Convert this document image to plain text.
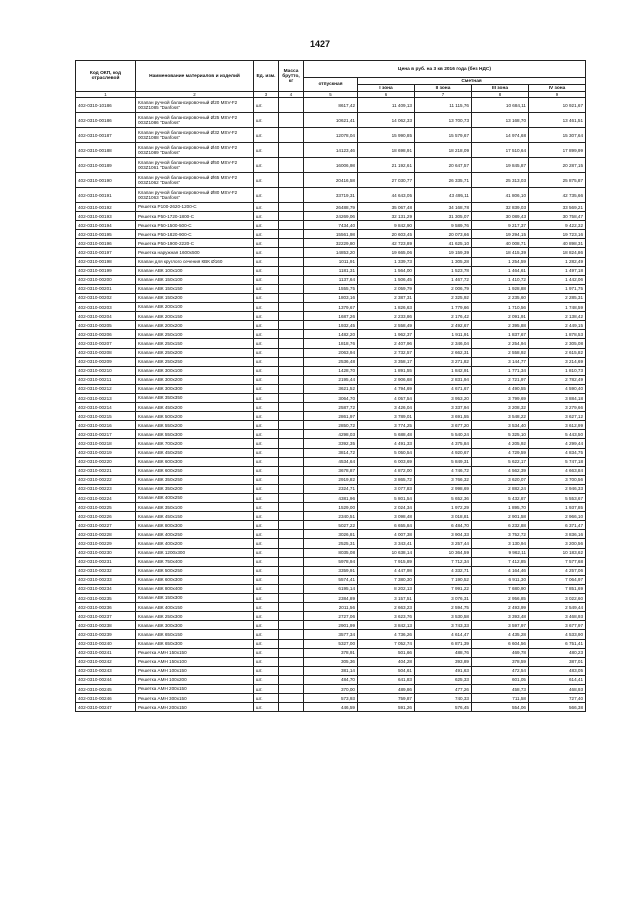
1427
Код ОКП, код отраслевой	Наименование материалов и изделий	Ед. изм.	Масса брутто, кг	Цена в руб. на 3 кв 2016 года (без НДС)				
				отпускная	Сметная			
					I зона	II зона	III зона	IV зона
1	2	3	4	5	6	7	8	9
402-0310-10186	Клапан ручной балансировочный Ø20 MSV-F2 003Z1085 "Danfoss"	шт.		8617,42	11 409,13	11 115,76	10 684,11	10 921,67
402-0310-00186	Клапан ручной балансировочный Ø25 MSV-F2 003Z1086 "Danfoss"	шт.		10621,41	14 062,33	13 700,73	13 168,70	13 461,51
402-0310-00187	Клапан ручной балансировочный Ø32 MSV-F2 003Z1088 "Danfoss"	шт.		12078,04	15 990,85	15 579,67	14 974,68	15 307,64
402-0310-00188	Клапан ручной балансировочный Ø40 MSV-F2 003Z1089 "Danfoss"	шт.		14123,46	18 698,91	18 218,09	17 510,64	17 899,99
402-0310-00189	Клапан ручной балансировочный Ø50 MSV-F2 003Z1061 "Danfoss"	шт.		16006,98	21 192,61	20 647,57	19 845,87	20 287,15
402-0310-00190	Клапан ручной балансировочный Ø65 MSV-F2 003Z1062 "Danfoss"	шт.		20416,58	27 030,77	26 335,71	25 313,03	25 875,87
402-0310-00191	Клапан ручной балансировочный Ø80 MSV-F2 003Z1063 "Danfoss"	шт.		33719,31	44 643,05	43 495,11	41 806,10	42 735,66
402-0310-00192	Решетка Р100-2620-1200-С	шт.		26488,79	35 067,48	34 168,78	32 839,03	33 569,21
402-0310-00193	Решетка Р50-1720-1800-С	шт.		24269,06	32 131,29	31 305,07	30 089,43	30 758,47
402-0310-00194	Решетка Р50-1500-500-С	шт.		7434,40	9 842,90	9 589,76	9 217,37	9 422,32
402-0310-00195	Решетка Р50-1820-900-С	шт.		15561,98	20 603,45	20 073,66	19 294,15	19 723,16
402-0310-00196	Решетка Р50-1900-2220-С	шт.		32229,80	42 723,89	41 625,10	40 008,71	40 898,31
402-0310-00197	Решетка наружная 1600х500	шт.		14853,20	19 665,06	19 159,39	18 415,39	18 824,86
402-0310-00198	Клапан для круглого сечения КВК Ø160	шт.		1011,91	1 339,73	1 305,28	1 254,59	1 282,49
402-0310-00199	Клапан АВК 100х100	шт.		1181,31	1 564,00	1 523,78	1 464,61	1 497,18
402-0310-00200	Клапан АВК 150х100	шт.		1137,64	1 506,45	1 467,72	1 410,72	1 442,06
402-0310-00201	Клапан АВК 150х150	шт.		1555,75	2 059,79	2 006,79	1 928,88	1 971,75
402-0310-00202	Клапан АВК 150х200	шт.		1803,16	2 387,31	2 325,92	2 235,60	2 285,31
402-0310-00203	Клапан АВК 200х100	шт.		1379,67	1 826,63	1 779,66	1 710,56	1 748,59
402-0310-00204	Клапан АВК 200х150	шт.		1687,26	2 233,86	2 176,42	2 091,91	2 138,42
402-0310-00205	Клапан АВК 200х200	шт.		1932,45	2 558,49	2 492,67	2 395,88	2 449,15
402-0310-00206	Клапан АВК 250х100	шт.		1482,20	1 962,37	1 911,91	1 837,67	1 878,53
402-0310-00207	Клапан АВК 250х150	шт.		1818,76	2 407,96	2 346,04	2 254,94	2 305,08
402-0310-00208	Клапан АВК 250х200	шт.		2063,94	2 732,57	2 662,31	2 558,92	2 615,82
402-0310-00209	Клапан АВК 250х250	шт.		2536,48	3 358,17	3 271,82	3 144,77	3 214,69
402-0310-00210	Клапан АВК 300х100	шт.		1428,70	1 891,55	1 842,91	1 771,34	1 810,73
402-0310-00211	Клапан АВК 300х200	шт.		2195,44	2 906,68	2 831,94	2 721,97	2 782,49
402-0310-00212	Клапан АВК 300х300	шт.		3621,52	4 794,69	4 671,67	4 490,55	4 590,40
402-0310-00213	Клапан АВК 350х350	шт.		3064,70	4 057,54	3 953,20	3 799,69	3 884,18
402-0310-00214	Клапан АВК 450х200	шт.		2587,72	3 426,04	3 337,94	3 208,32	3 279,66
402-0310-00215	Клапан АВК 500х200	шт.		2861,97	3 789,01	3 691,55	3 548,22	3 627,12
402-0310-00216	Клапан АВК 550х200	шт.		2850,72	3 774,25	3 677,20	3 534,40	3 612,99
402-0310-00217	Клапан АВК 550х300	шт.		4298,03	5 688,48	5 540,24	5 325,10	5 443,50
402-0310-00218	Клапан АВК 700х200	шт.		3392,35	4 491,33	4 375,84	4 205,92	4 299,44
402-0310-00219	Клапан АВК 450х250	шт.		3814,72	5 050,54	4 920,67	4 729,59	4 834,75
402-0310-00220	Клапан АВК 600х300	шт.		4534,64	6 003,69	5 849,31	5 622,17	5 747,18
402-0310-00221	Клапан АВК 600х250	шт.		3678,87	4 872,00	4 746,72	4 562,39	4 663,84
402-0310-00222	Клапан АВК 350х250	шт.		2919,82	3 865,72	3 766,32	3 620,07	3 700,56
402-0310-00223	Клапан АВК 350х200	шт.		2324,71	3 077,83	2 998,69	2 882,24	2 946,33
402-0310-00224	Клапан АВК 400х250	шт.		4381,96	5 801,54	5 652,36	5 432,87	5 553,67
402-0310-00225	Клапан АВК 350х100	шт.		1529,00	2 024,34	1 972,29	1 895,70	1 937,85
402-0310-00226	Клапан АВК 450х150	шт.		2340,51	3 098,48	3 018,81	2 901,58	2 966,10
402-0310-00227	Клапан АВК 800х300	шт.		5027,22	6 655,84	6 484,70	6 232,88	6 371,47
402-0310-00228	Клапан АВК 400х250	шт.		3026,81	4 007,38	3 904,33	3 752,72	3 836,16
402-0310-00229	Клапан АВК 400х200	шт.		2525,31	3 343,41	3 257,44	3 130,94	3 200,56
402-0310-00230	Клапан АВК 1200х300	шт.		8035,08	10 638,14	10 364,59	9 962,11	10 183,62
402-0310-00231	Клапан АВК 750х400	шт.		5978,94	7 915,89	7 712,34	7 412,85	7 577,68
402-0310-00232	Клапан АВК 500х250	шт.		3359,91	4 447,98	4 332,71	4 164,46	4 257,06
402-0310-00233	Клапан АВК 600х300	шт.		5574,41	7 380,30	7 190,52	6 911,30	7 064,97
402-0310-00234	Клапан АВК 800х400	шт.		6195,14	8 202,13	7 991,22	7 680,90	7 851,69
402-0310-00235	Клапан АВК 150х300	шт.		2384,89	3 157,51	3 076,31	2 956,85	3 022,60
402-0310-00236	Клапан АВК 400х150	шт.		2011,56	2 663,23	2 594,75	2 493,99	2 549,44
402-0310-00237	Клапан АВК 250х300	шт.		2727,06	3 623,76	3 530,58	3 393,48	3 468,93
402-0310-00238	Клапан АВК 300х300	шт.		2901,99	3 842,13	3 743,33	3 597,97	3 677,97
402-0310-00239	Клапан АВК 650х150	шт.		3577,34	4 736,26	4 614,47	4 435,28	4 533,90
402-0310-00240	Клапан АВК 650х300	шт.		5327,00	7 052,74	6 871,39	6 604,56	6 751,41
402-0310-00241	Решетка АМН 150х150	шт.		378,91	501,66	488,76	469,78	480,23
402-0310-00242	Решетка АМН 150х100	шт.		305,36	404,28	393,89	378,59	387,01
402-0310-00243	Решетка АМН 100х150	шт.		381,14	504,61	491,63	472,54	483,05
402-0310-00244	Решетка АМН 100х200	шт.		484,70	641,83	625,33	601,05	614,41
402-0310-00245	Решетка АМН 200х150	шт.		370,00	489,86	477,26	458,73	468,93
402-0310-00246	Решетка АМН 300х150	шт.		573,93	759,87	740,33	711,58	727,40
402-0310-00247	Решетка АМН 200х150	шт.		446,59	591,26	576,45	554,06	566,38
